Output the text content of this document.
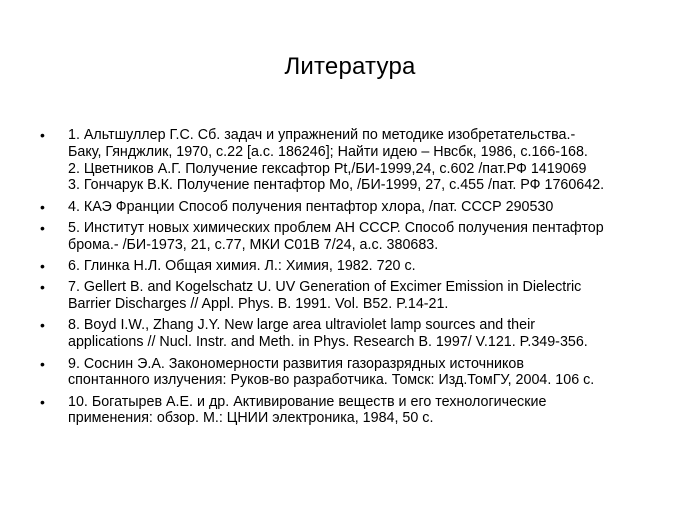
Литература
• 1. Альтшуллер Г.С. Сб. задач и упражнений по методике изобретательства.-
Баку, Гянджлик, 1970, с.22 [а.с. 186246]; Найти идею – Нвсбк, 1986, с.166-168.
2. Цветников А.Г. Получение гексафтор Pt,/БИ-1999,24, с.602 /пат.РФ 1419069
3. Гончарук В.К. Получение пентафтор Мо, /БИ-1999, 27, с.455 /пат. РФ 1760642.
• 4. КАЭ Франции Способ получения пентафтор хлора, /пат. СССР 290530
• 5. Институт новых химических проблем АН СССР. Способ получения пентафтор
брома.- /БИ-1973, 21, с.77, МКИ С01В 7/24, а.с. 380683.
• 6. Глинка Н.Л. Общая химия. Л.: Химия, 1982. 720 с.
• 7. Gellert B. and Kogelschatz U. UV Generation of Excimer Emission in Dielectric
Barrier Discharges // Appl. Phys. B. 1991. Vol. B52. P.14-21.
• 8. Boyd I.W., Zhang J.Y. New large area ultraviolet lamp sources and their
applications // Nucl. Instr. and Meth. in Phys. Research B. 1997/ V.121. P.349-356.
• 9. Соснин Э.А. Закономерности развития газоразрядных источников
спонтанного излучения: Руков-во разработчика. Томск: Изд.ТомГУ, 2004. 106 с.
• 10. Богатырев А.Е. и др. Активирование веществ и его технологические
применения: обзор. М.: ЦНИИ электроника, 1984, 50 с.
